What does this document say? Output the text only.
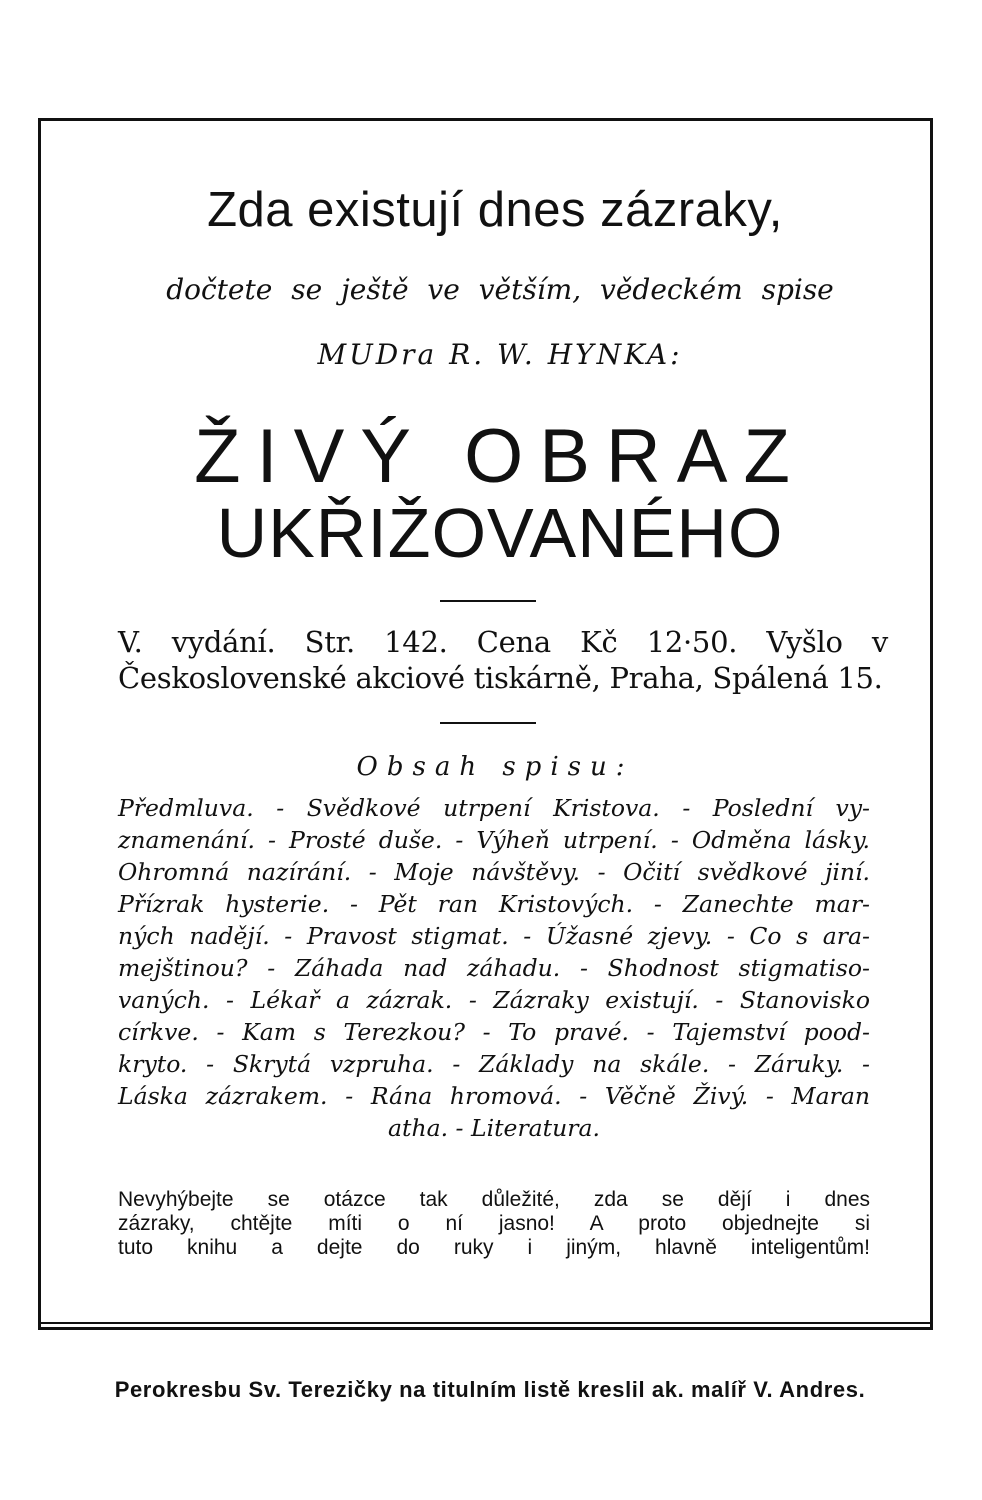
Zda existují dnes zázraky,
dočtete se ještě ve větším, vědeckém spise
MUDra R. W. HYNKA:
ŽIVÝ OBRAZ
UKŘIŽOVANÉHO
V. vydání. Str. 142. Cena Kč 12·50. Vyšlo v Československé akciové tiskárně, Praha, Spálená 15.
Obsah spisu:
Předmluva. - Svědkové utrpení Kristova. - Poslední vy-
znamenání. - Prosté duše. - Výheň utrpení. - Odměna lásky.
Ohromná nazírání. - Moje návštěvy. - Očití svědkové jiní.
Přízrak hysterie. - Pět ran Kristových. - Zanechte mar-
ných nadějí. - Pravost stigmat. - Úžasné zjevy. - Co s ara-
mejštinou? - Záhada nad záhadu. - Shodnost stigmatiso-
vaných. - Lékař a zázrak. - Zázraky existují. - Stanovisko
církve. - Kam s Terezkou? - To pravé. - Tajemství pood-
kryto. - Skrytá vzpruha. - Základy na skále. - Záruky. -
Láska zázrakem. - Rána hromová. - Věčně Živý. - Maran
atha. - Literatura.
Nevyhýbejte se otázce tak důležité, zda se dějí i dnes
zázraky, chtějte míti o ní jasno! A proto objednejte si
tuto knihu a dejte do ruky i jiným, hlavně inteligentům!
Perokresbu Sv. Terezičky na titulním listě kreslil ak. malíř V. Andres.
